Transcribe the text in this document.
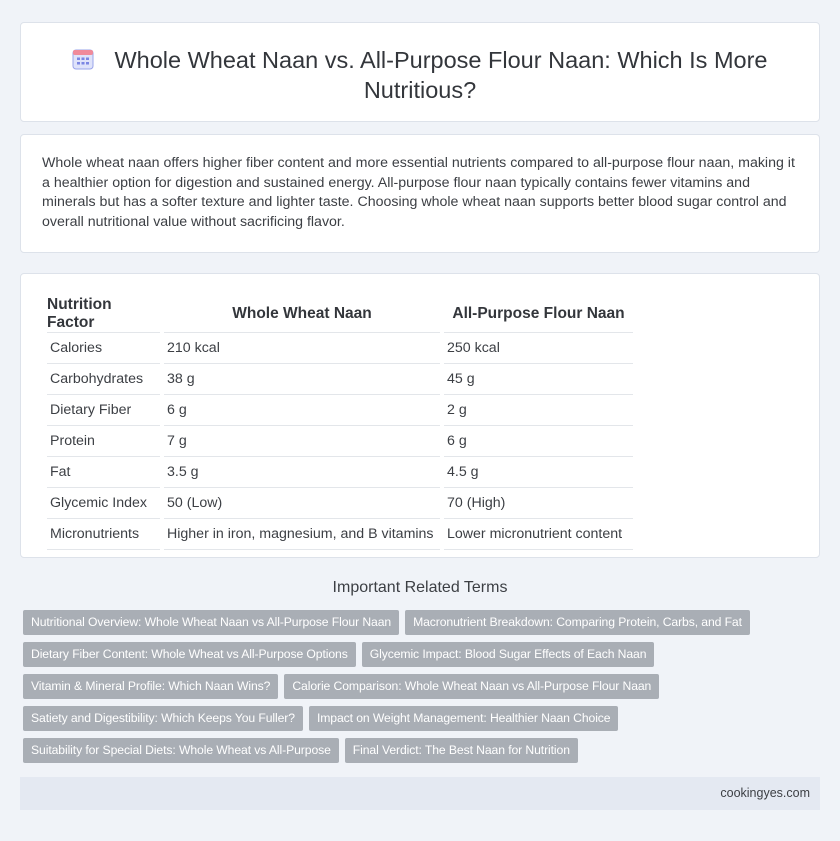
Whole Wheat Naan vs. All-Purpose Flour Naan: Which Is More Nutritious?

Whole wheat naan offers higher fiber content and more essential nutrients compared to all-purpose flour naan, making it a healthier option for digestion and sustained energy. All-purpose flour naan typically contains fewer vitamins and minerals but has a softer texture and lighter taste. Choosing whole wheat naan supports better blood sugar control and overall nutritional value without sacrificing flavor.

Nutrition Factor	Whole Wheat Naan	All-Purpose Flour Naan
Calories	210 kcal	250 kcal
Carbohydrates	38 g	45 g
Dietary Fiber	6 g	2 g
Protein	7 g	6 g
Fat	3.5 g	4.5 g
Glycemic Index	50 (Low)	70 (High)
Micronutrients	Higher in iron, magnesium, and B vitamins	Lower micronutrient content
Important Related Terms
Nutritional Overview: Whole Wheat Naan vs All-Purpose Flour Naan Macronutrient Breakdown: Comparing Protein, Carbs, and Fat
Dietary Fiber Content: Whole Wheat vs All-Purpose Options Glycemic Impact: Blood Sugar Effects of Each Naan
Vitamin & Mineral Profile: Which Naan Wins? Calorie Comparison: Whole Wheat Naan vs All-Purpose Flour Naan
Satiety and Digestibility: Which Keeps You Fuller? Impact on Weight Management: Healthier Naan Choice
Suitability for Special Diets: Whole Wheat vs All-Purpose Final Verdict: The Best Naan for Nutrition
cookingyes.com
